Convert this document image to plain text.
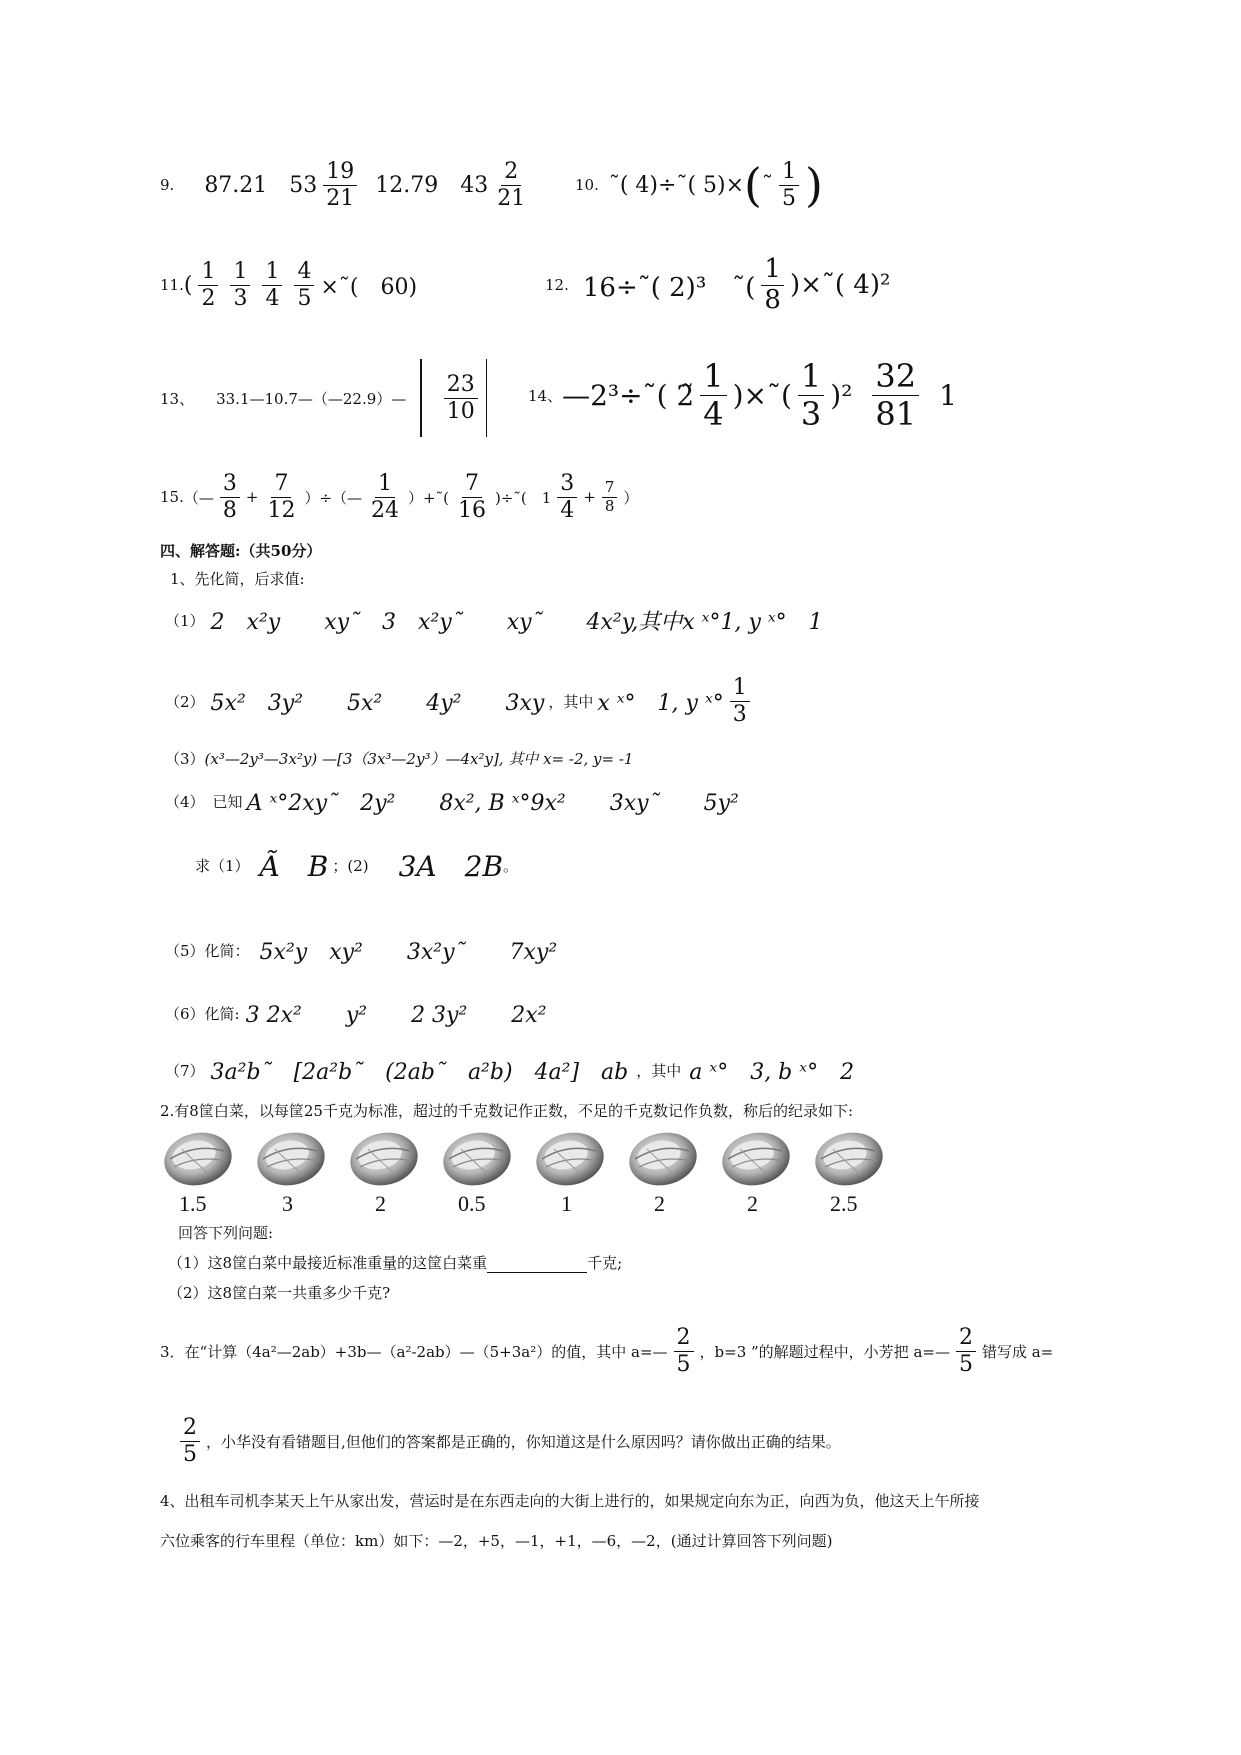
9. 87.21 $53 \frac{19}{21} 12.79$ $43 \frac{2}{21}$	10. ˜( 4)÷˜( 5)× ( ˜ $\frac{1}{5}$ )
11. ( $\frac{1}{2} \frac{1}{3} \frac{1}{4} \frac{4}{5}$ ×˜(　60)	12. 16÷˜( 2)³　˜( $\frac{1}{8}$ )×˜( 4)²
13、 33.1—10.7—（—22.9）— $\frac{23}{10}$	14、 —2³÷˜( 2̃ $\frac{1}{4}$ )×˜( $\frac{1}{3} )^2 \frac{32}{81} 1$
15. （— $\frac{3}{8} + \frac{7}{12}$ ）÷（— $\frac{1}{24}$ ）+˜( $\frac{7}{16}$ )÷˜(　$1 \frac{3}{4} + \frac{7}{8}$ ）
四、解答题:（共50分）
1、先化简，后求值:
（1） 2　x²y　　xy˜　3　x²y˜　　xy˜　　4x²y,其中x ˣ°1, y ˣ°　1
（2） 5x²　3y²　　5x²　　4y²　　3xy ，其中 x ˣ°　1, y ˣ° $\frac{1}{3}$
（3）(x³—2y³—3x²y) —[3（3x³—2y³）—4x²y], 其中 x= -2, y= -1
（4） 已知 A ˣ°2xy˜　2y²　　8x², B ˣ°9x²　　3xy˜　　5y²
求（1） Ã　B ；(2) 3A　2B 。
（5）化简： 5x²y　xy²　　3x²y˜　　7xy²
（6）化简: 3 2x²　　y²　　2 3y²　　2x²
（7） 3a²b˜　[2a²b˜　(2ab˜　a²b)　4a²]　ab ，其中 a ˣ°　3, b ˣ°　2
2.有8筐白菜，以每筐25千克为标准，超过的千克数记作正数，不足的千克数记作负数，称后的纪录如下:
1.5	3	2	0.5	1	2	2	2.5
回答下列问题:
（1）这8筐白菜中最接近标准重量的这筐白菜重	千克;
（2）这8筐白菜一共重多少千克?
3．在“计算（4a²—2ab）+3b—（a²-2ab）—（5+3a²）的值，其中 a=— $\frac{2}{5}$ ，b=3 ”的解题过程中，小芳把 a=— $\frac{2}{5}$ 错写成 a=
$\frac{2}{5}$ ，小华没有看错题目,但他们的答案都是正确的，你知道这是什么原因吗？请你做出正确的结果。
4、出租车司机李某天上午从家出发，营运时是在东西走向的大街上进行的，如果规定向东为正，向西为负，他这天上午所接
六位乘客的行车里程（单位：km）如下：—2，+5，—1，+1，—6，—2，(通过计算回答下列问题)
